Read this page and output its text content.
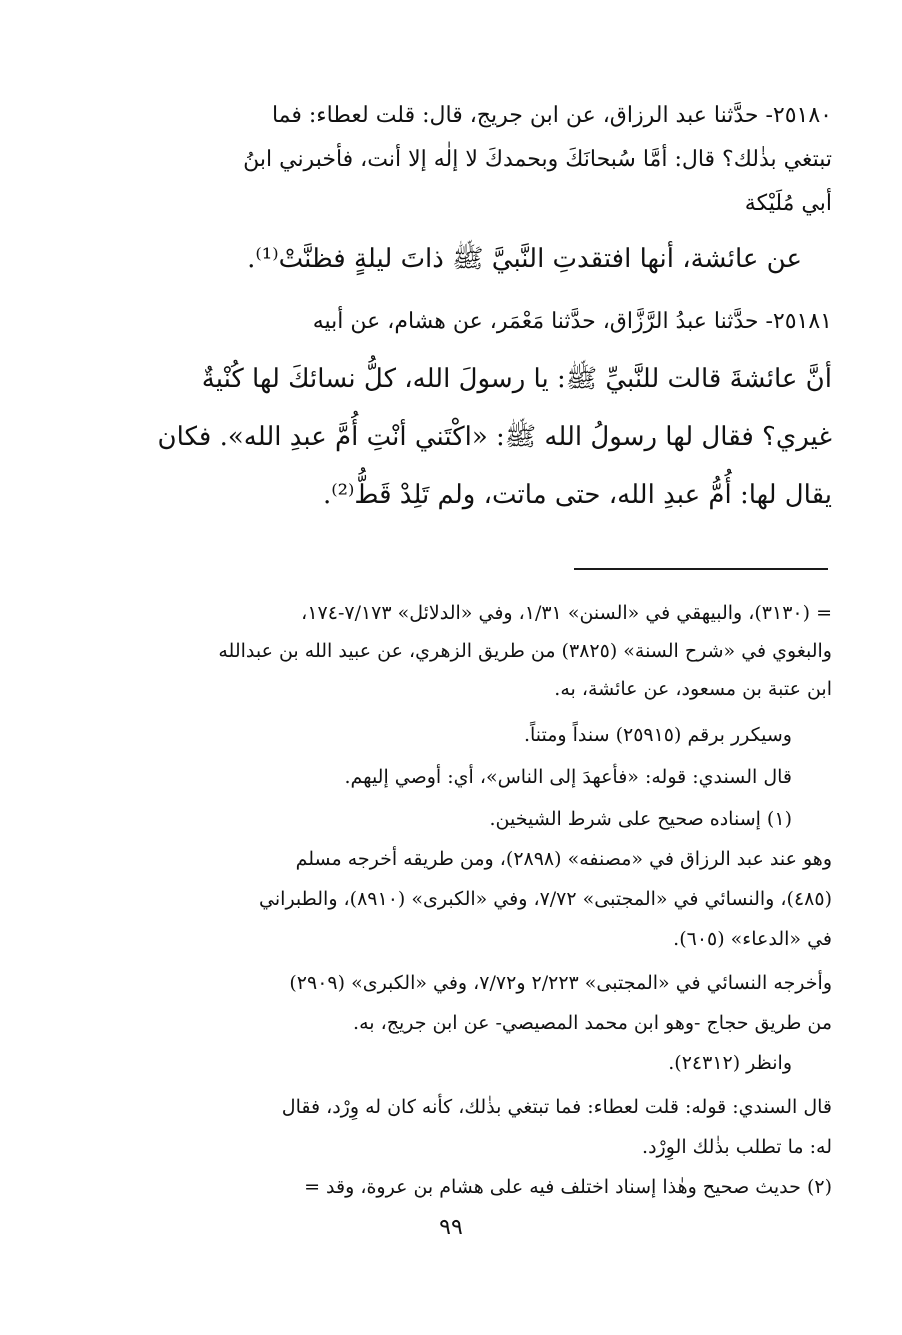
٢٥١٨٠- حدَّثنا عبد الرزاق، عن ابن جريج، قال: قلت لعطاء: فما

تبتغي بذٰلك؟ قال: أمَّا سُبحانَكَ وبحمدكَ لا إلٰه إلا أنت، فأخبرني ابنُ

أبي مُلَيْكة

عن عائشة، أنها افتقدتِ النَّبيَّ ﷺ ذاتَ ليلةٍ فظنَّتْ⁽¹⁾.

٢٥١٨١- حدَّثنا عبدُ الرَّزَّاق، حدَّثنا مَعْمَر، عن هشام، عن أبيه

أنَّ عائشةَ قالت للنَّبيِّ ﷺ: يا رسولَ الله، كلُّ نسائكَ لها كُنْيةٌ

غيري؟ فقال لها رسولُ الله ﷺ: «اكْتَني أنْتِ أُمَّ عبدِ الله». فكان

يقال لها: أُمُّ عبدِ الله، حتى ماتت، ولم تَلِدْ قَطُّ⁽²⁾.

= (٣١٣٠)، والبيهقي في «السنن» ١/٣١، وفي «الدلائل» ٧/١٧٣-١٧٤،

والبغوي في «شرح السنة» (٣٨٢٥) من طريق الزهري، عن عبيد الله بن عبدالله

ابن عتبة بن مسعود، عن عائشة، به.

وسيكرر برقم (٢٥٩١٥) سنداً ومتناً.

قال السندي: قوله: «فأعهدَ إلى الناس»، أي: أوصي إليهم.

(١) إسناده صحيح على شرط الشيخين.

وهو عند عبد الرزاق في «مصنفه» (٢٨٩٨)، ومن طريقه أخرجه مسلم

(٤٨٥)، والنسائي في «المجتبى» ٧/٧٢، وفي «الكبرى» (٨٩١٠)، والطبراني

في «الدعاء» (٦٠٥).

وأخرجه النسائي في «المجتبى» ٢/٢٢٣ و٧/٧٢، وفي «الكبرى» (٢٩٠٩)

من طريق حجاج -وهو ابن محمد المصيصي- عن ابن جريج، به.

وانظر (٢٤٣١٢).

قال السندي: قوله: قلت لعطاء: فما تبتغي بذٰلك، كأنه كان له وِرْد، فقال

له: ما تطلب بذٰلك الوِرْد.

(٢) حديث صحيح وهٰذا إسناد اختلف فيه على هشام بن عروة، وقد =

٩٩
